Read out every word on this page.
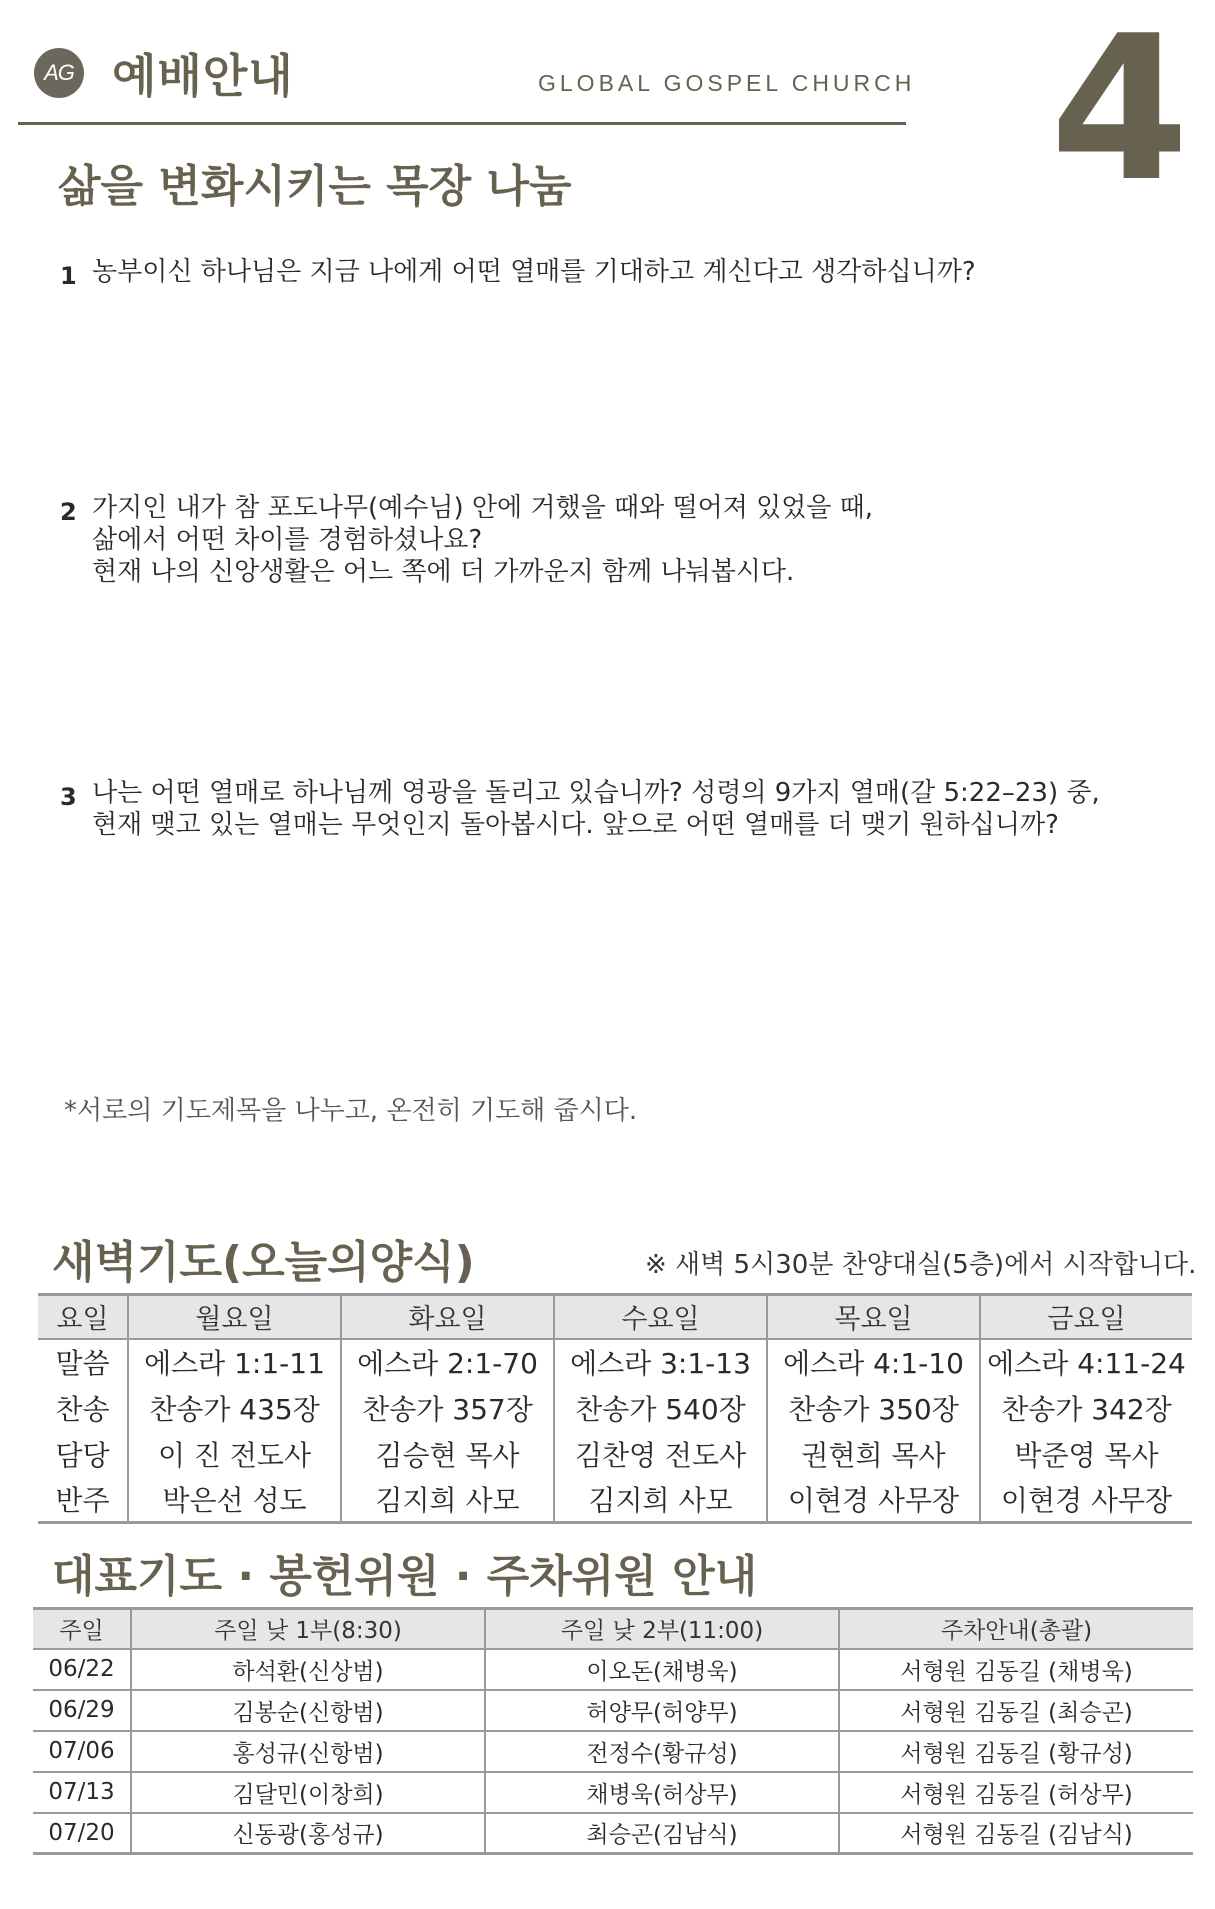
AG 예배안내	GLOBAL GOSPEL CHURCH 4
삶을 변화시키는 목장 나눔
1 농부이신 하나님은 지금 나에게 어떤 열매를 기대하고 계신다고 생각하십니까?
2 가지인 내가 참 포도나무(예수님) 안에 거했을 때와 떨어져 있었을 때,
삶에서 어떤 차이를 경험하셨나요?
현재 나의 신앙생활은 어느 쪽에 더 가까운지 함께 나눠봅시다.
3 나는 어떤 열매로 하나님께 영광을 돌리고 있습니까? 성령의 9가지 열매(갈 5:22–23) 중,
현재 맺고 있는 열매는 무엇인지 돌아봅시다. 앞으로 어떤 열매를 더 맺기 원하십니까?
*서로의 기도제목을 나누고, 온전히 기도해 줍시다.
새벽기도(오늘의양식)	※ 새벽 5시30분 찬양대실(5층)에서 시작합니다.
요일	월요일	화요일	수요일	목요일	금요일
말씀	에스라 1:1-11	에스라 2:1-70	에스라 3:1-13	에스라 4:1-10	에스라 4:11-24
찬송	찬송가 435장	찬송가 357장	찬송가 540장	찬송가 350장	찬송가 342장
담당	이 진 전도사	김승현 목사	김찬영 전도사	권현희 목사	박준영 목사
반주	박은선 성도	김지희 사모	김지희 사모	이현경 사무장	이현경 사무장
대표기도 · 봉헌위원 · 주차위원 안내
주일	주일 낮 1부(8:30)	주일 낮 2부(11:00)	주차안내(총괄)
06/22	하석환(신상범)	이오돈(채병욱)	서형원 김동길 (채병욱)
06/29	김봉순(신항범)	허양무(허양무)	서형원 김동길 (최승곤)
07/06	홍성규(신항범)	전정수(황규성)	서형원 김동길 (황규성)
07/13	김달민(이창희)	채병욱(허상무)	서형원 김동길 (허상무)
07/20	신동광(홍성규)	최승곤(김남식)	서형원 김동길 (김남식)
